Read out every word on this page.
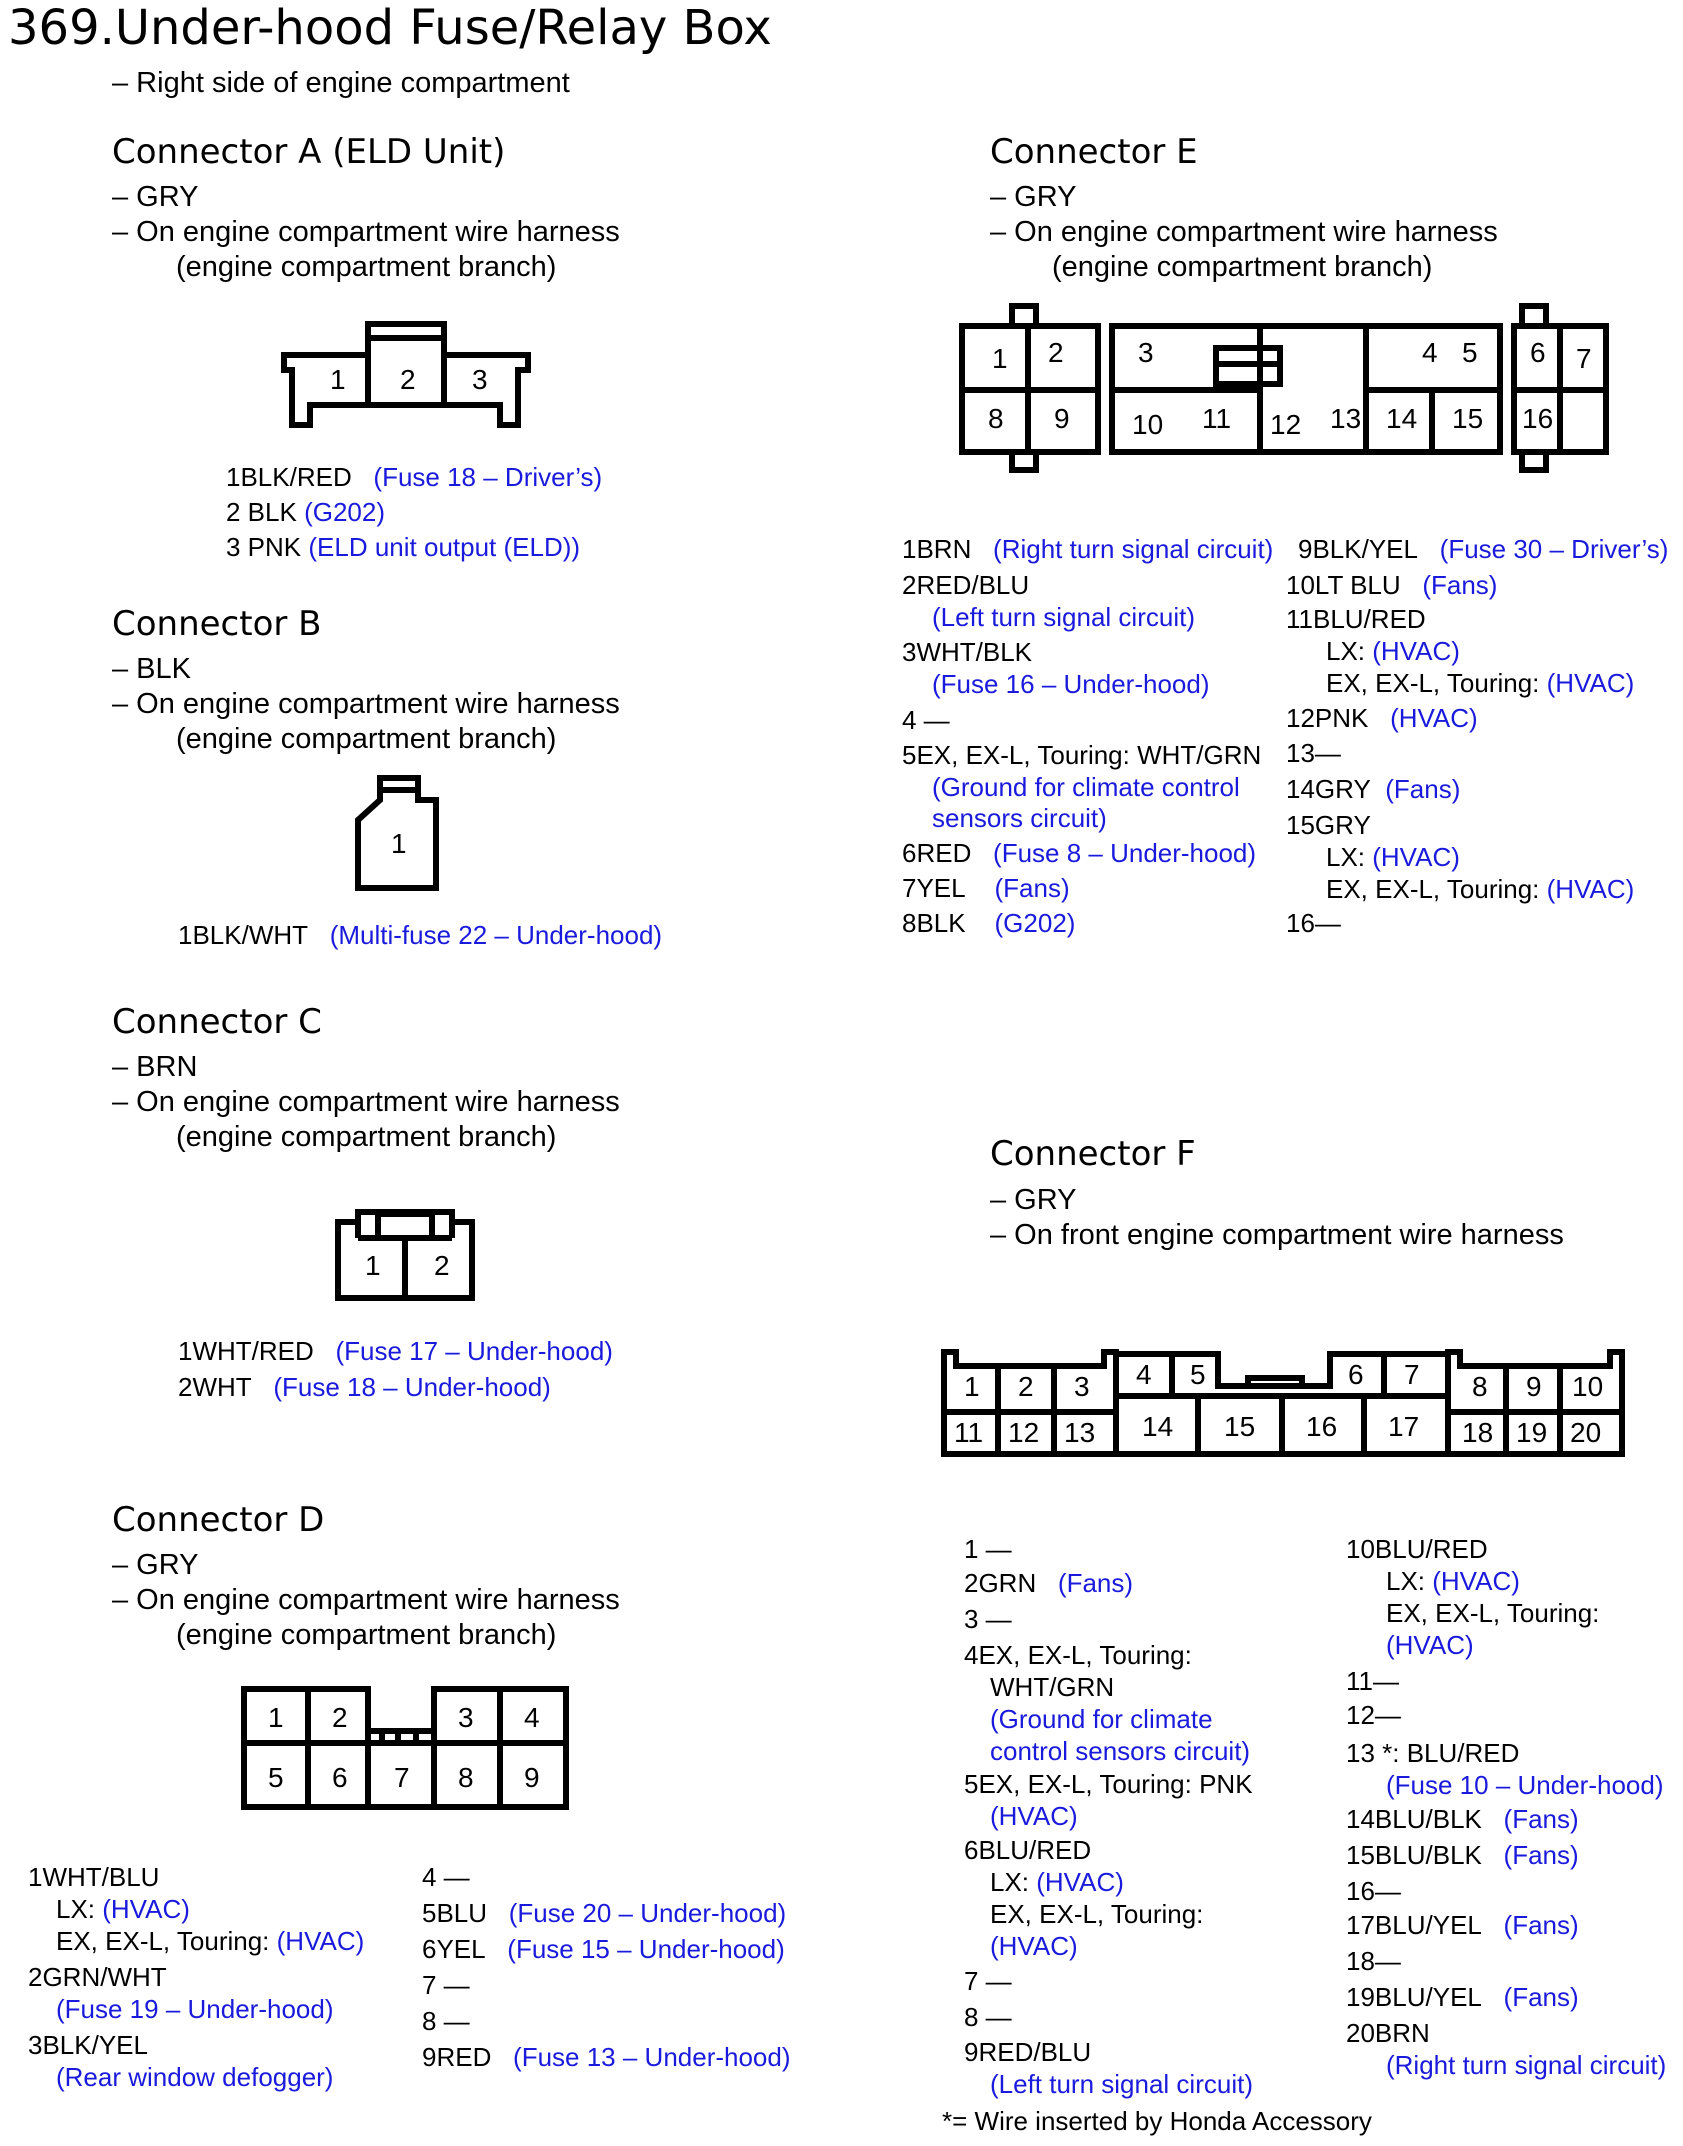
369.Under-hood Fuse/Relay Box
– Right side of engine compartment
Connector A (ELD Unit)
– GRY
– On engine compartment wire harness
(engine compartment branch)
1 2 3
1BLK/RED (Fuse 18 – Driver’s)
2 BLK (G202)
3 PNK (ELD unit output (ELD))
Connector B
– BLK
– On engine compartment wire harness
(engine compartment branch)
1
1BLK/WHT (Multi-fuse 22 – Under-hood)
Connector C
– BRN
– On engine compartment wire harness
(engine compartment branch)
1 2
1WHT/RED (Fuse 17 – Under-hood)
2WHT (Fuse 18 – Under-hood)
Connector D
– GRY
– On engine compartment wire harness
(engine compartment branch)
1 2	3 4
5 6 7 8 9
1WHT/BLU
LX: (HVAC)
EX, EX-L, Touring: (HVAC)
2GRN/WHT
(Fuse 19 – Under-hood)
3BLK/YEL
(Rear window defogger)
4 —
5BLU (Fuse 20 – Under-hood)
6YEL (Fuse 15 – Under-hood)
7 —
8 —
9RED (Fuse 13 – Under-hood)
Connector E
– GRY
– On engine compartment wire harness
(engine compartment branch)
1 2	3	4 5 6 7
8 9 10 11 12 13 14 15 16
1BRN (Right turn signal circuit)
2RED/BLU
(Left turn signal circuit)
3WHT/BLK
(Fuse 16 – Under-hood)
4 —
5EX, EX-L, Touring: WHT/GRN
(Ground for climate control
sensors circuit)
6RED (Fuse 8 – Under-hood)
7YEL (Fans)
8BLK (G202)
9BLK/YEL (Fuse 30 – Driver’s)
10LT BLU (Fans)
11BLU/RED
LX: (HVAC)
EX, EX-L, Touring: (HVAC)
12PNK (HVAC)
13—
14GRY (Fans)
15GRY
LX: (HVAC)
EX, EX-L, Touring: (HVAC)
16—
Connector F
– GRY
– On front engine compartment wire harness
1 2 3 4 5	6 7 8 9 10
11 12 13 14 15 16 17 18 19 20
1 —
2GRN (Fans)
3 —
4EX, EX-L, Touring:
WHT/GRN
(Ground for climate
control sensors circuit)
5EX, EX-L, Touring: PNK
(HVAC)
6BLU/RED
LX: (HVAC)
EX, EX-L, Touring:
(HVAC)
7 —
8 —
9RED/BLU
(Left turn signal circuit)
10BLU/RED
LX: (HVAC)
EX, EX-L, Touring:
(HVAC)
11—
12—
13 *: BLU/RED
(Fuse 10 – Under-hood)
14BLU/BLK (Fans)
15BLU/BLK (Fans)
16—
17BLU/YEL (Fans)
18—
19BLU/YEL (Fans)
20BRN
(Right turn signal circuit)
*= Wire inserted by Honda Accessory
